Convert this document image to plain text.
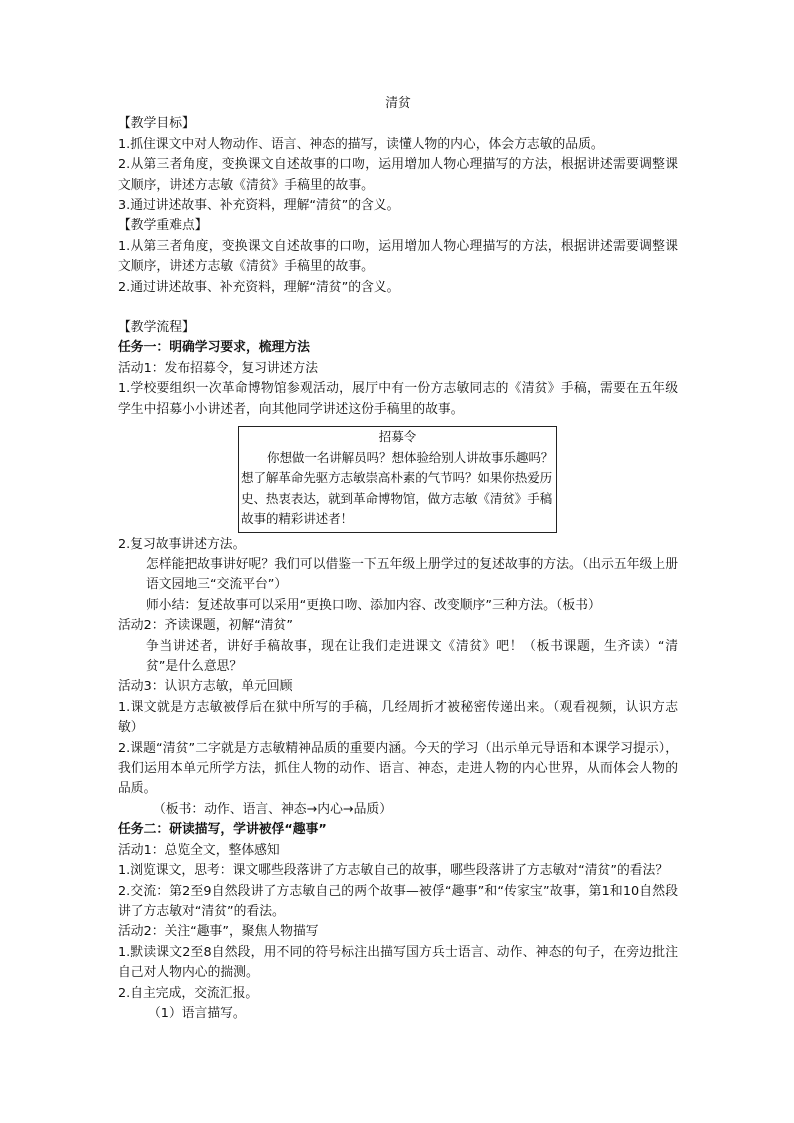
清贫

【教学目标】

1.抓住课文中对人物动作、语言、神态的描写，读懂人物的内心，体会方志敏的品质。

2.从第三者角度，变换课文自述故事的口吻，运用增加人物心理描写的方法，根据讲述需要调整课文顺序，讲述方志敏《清贫》手稿里的故事。

3.通过讲述故事、补充资料，理解“清贫”的含义。

【教学重难点】

1.从第三者角度，变换课文自述故事的口吻，运用增加人物心理描写的方法，根据讲述需要调整课文顺序，讲述方志敏《清贫》手稿里的故事。

2.通过讲述故事、补充资料，理解“清贫”的含义。

【教学流程】

任务一：明确学习要求，梳理方法

活动1：发布招募令，复习讲述方法

1.学校要组织一次革命博物馆参观活动，展厅中有一份方志敏同志的《清贫》手稿，需要在五年级学生中招募小小讲述者，向其他同学讲述这份手稿里的故事。

招募令
你想做一名讲解员吗？想体验给别人讲故事乐趣吗？想了解革命先驱方志敏崇高朴素的气节吗？如果你热爱历史、热衷表达，就到革命博物馆，做方志敏《清贫》手稿故事的精彩讲述者！

2.复习故事讲述方法。

怎样能把故事讲好呢？我们可以借鉴一下五年级上册学过的复述故事的方法。（出示五年级上册语文园地三“交流平台”）

师小结：复述故事可以采用“更换口吻、添加内容、改变顺序”三种方法。（板书）

活动2：齐读课题，初解“清贫”

争当讲述者，讲好手稿故事，现在让我们走进课文《清贫》吧！（板书课题，生齐读）“清贫”是什么意思？

活动3：认识方志敏，单元回顾

1.课文就是方志敏被俘后在狱中所写的手稿，几经周折才被秘密传递出来。（观看视频，认识方志敏）

2.课题“清贫”二字就是方志敏精神品质的重要内涵。今天的学习（出示单元导语和本课学习提示），我们运用本单元所学方法，抓住人物的动作、语言、神态，走进人物的内心世界，从而体会人物的品质。

（板书：动作、语言、神态→内心→品质）

任务二：研读描写，学讲被俘“趣事”

活动1：总览全文，整体感知

1.浏览课文，思考：课文哪些段落讲了方志敏自己的故事，哪些段落讲了方志敏对“清贫”的看法？

2.交流：第2至9自然段讲了方志敏自己的两个故事—被俘“趣事”和“传家宝”故事，第1和10自然段讲了方志敏对“清贫”的看法。

活动2：关注“趣事”，聚焦人物描写

1.默读课文2至8自然段，用不同的符号标注出描写国方兵士语言、动作、神态的句子，在旁边批注自己对人物内心的揣测。

2.自主完成，交流汇报。

（1）语言描写。
